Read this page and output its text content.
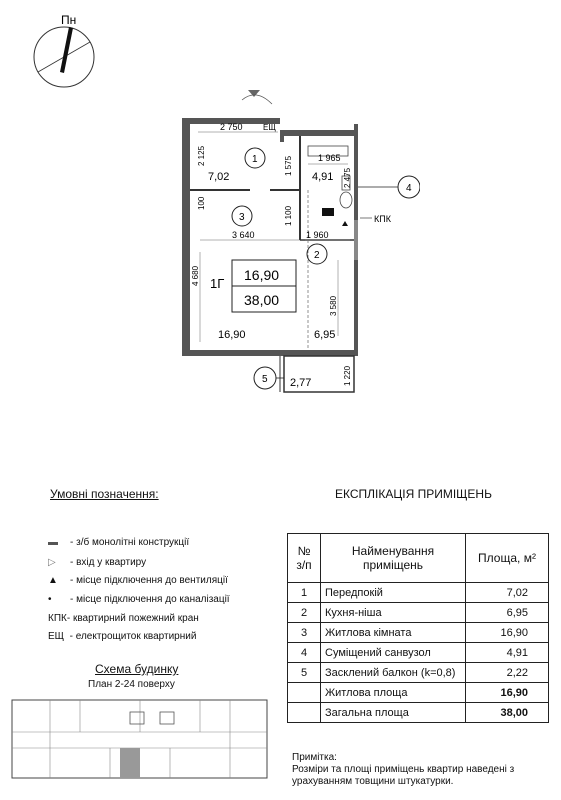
Пн
1
2
3
4
5
2 750	ЕЩ
1 965
7,02	4,91
3 640	1 960
КПК
1Г
16,90
38,00
16,90	6,95
2,77
2 125	1 575
2 475
100
1 100
4 680
3 580
1 220
Умовні позначення:
▬	- з/б монолітні конструкції
▷	- вхід у квартиру
▲	- місце підключення до вентиляції
•	- місце підключення до каналізації
КПК - квартирний пожежний кран
ЕЩ - електрощиток квартирний
Схема будинку
План 2-24 поверху
ЕКСПЛІКАЦІЯ ПРИМІЩЕНЬ
№ з/п	Найменування приміщень	Площа, м²
1	Передпокій	7,02
2	Кухня-ніша	6,95
3	Житлова кімната	16,90
4	Суміщений санвузол	4,91
5	Засклений балкон (k=0,8)	2,22
	Житлова площа	16,90
	Загальна площа	38,00
Примітка:
Розміри та площі приміщень квартир наведені з
урахуванням товщини штукатурки.
